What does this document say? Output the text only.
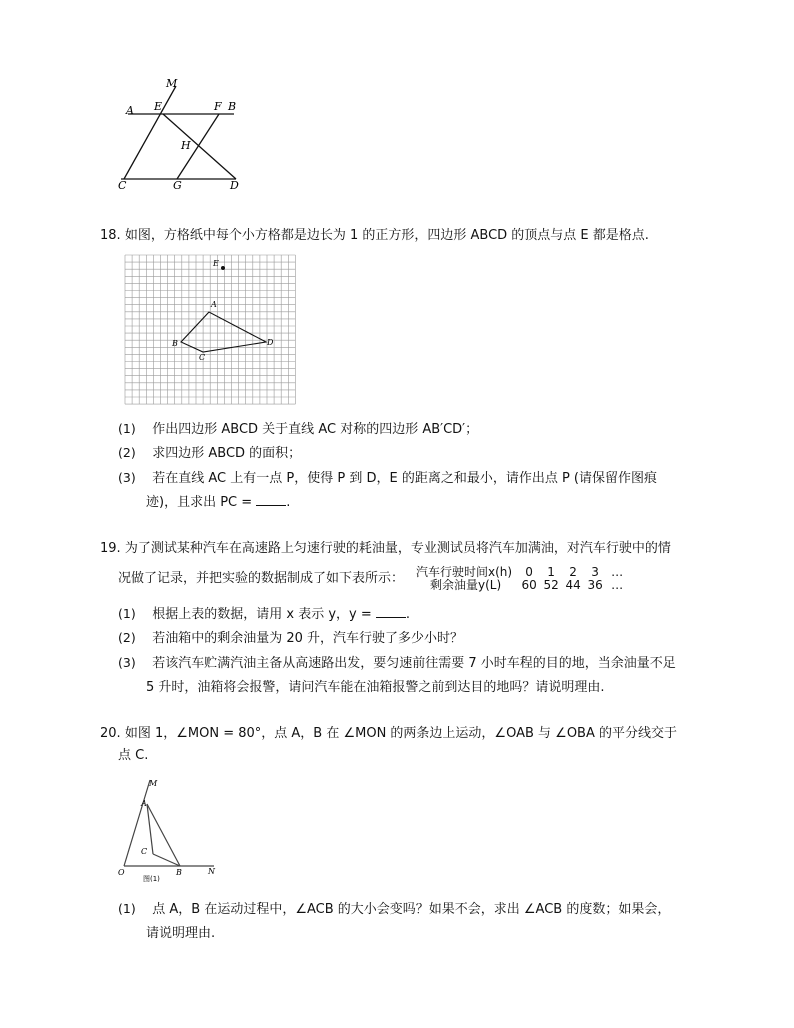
M
A E	F B
H
C	G	D
18. 如图，方格纸中每个小方格都是边长为 1 的正方形，四边形 ABCD 的顶点与点 E 都是格点.
E
A
B
C
D
(1) 作出四边形 ABCD 关于直线 AC 对称的四边形 AB′CD′；
(2) 求四边形 ABCD 的面积；
(3) 若在直线 AC 上有一点 P，使得 P 到 D，E 的距离之和最小，请作出点 P (请保留作图痕
迹)，且求出 PC =	.
19. 为了测试某种汽车在高速路上匀速行驶的耗油量，专业测试员将汽车加满油，对汽车行驶中的情
况做了记录，并把实验的数据制成了如下表所示： 汽车行驶时间x(h)	0	1	2	3	…
剩余油量y(L)	60	52	44	36	…
(1) 根据上表的数据，请用 x 表示 y，y =	.
(2) 若油箱中的剩余油量为 20 升，汽车行驶了多少小时？
(3) 若该汽车贮满汽油主备从高速路出发，要匀速前往需要 7 小时车程的目的地，当余油量不足
5 升时，油箱将会报警，请问汽车能在油箱报警之前到达目的地吗？请说明理由.
20. 如图 1，∠MON = 80°，点 A，B 在 ∠MON 的两条边上运动，∠OAB 与 ∠OBA 的平分线交于
点 C.
M
A
C
O	B	N
图(1)
(1) 点 A，B 在运动过程中，∠ACB 的大小会变吗？如果不会，求出 ∠ACB 的度数；如果会，
请说明理由.
